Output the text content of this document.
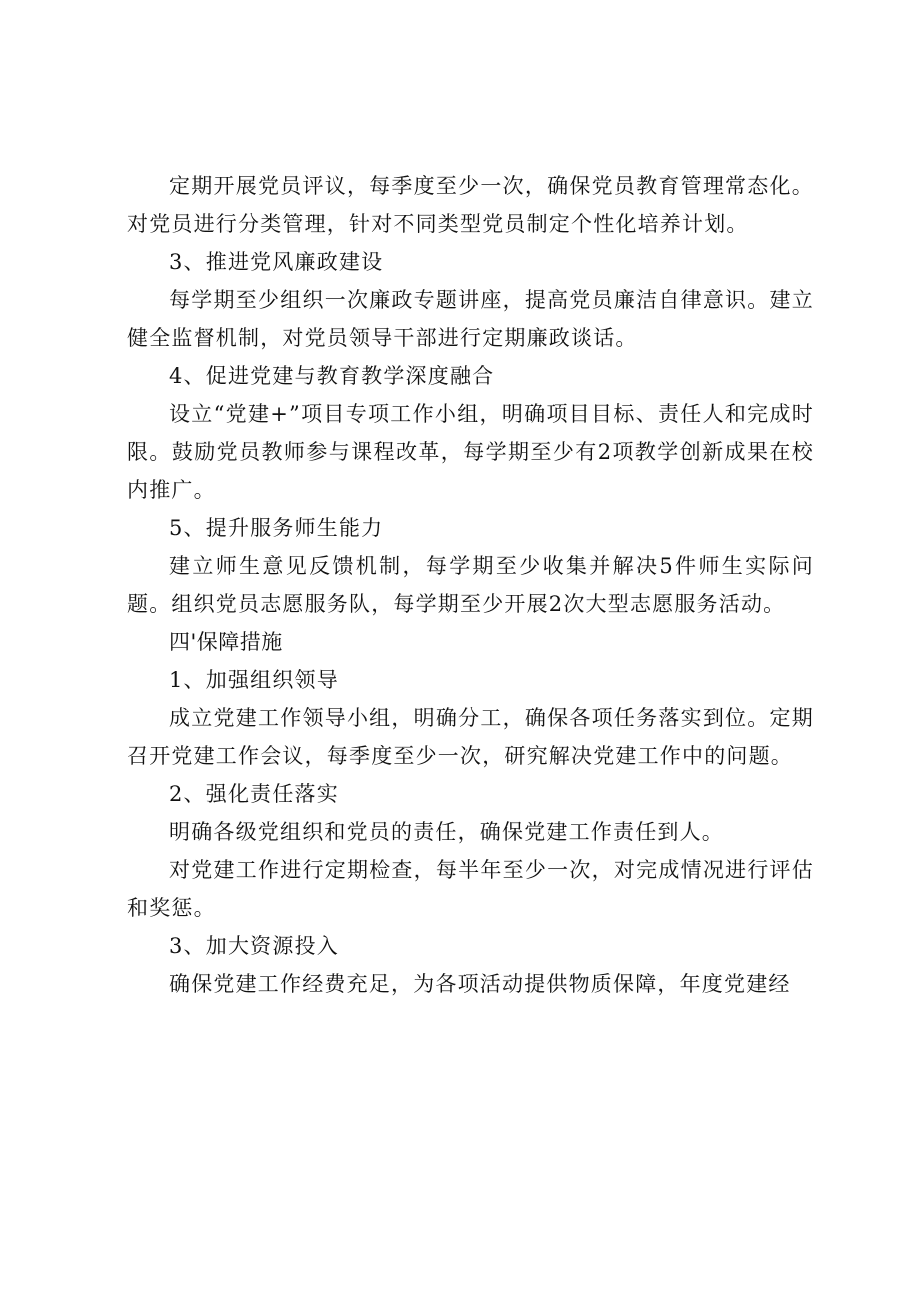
定期开展党员评议，每季度至少一次，确保党员教育管理常态化。对党员进行分类管理，针对不同类型党员制定个性化培养计划。

3、推进党风廉政建设

每学期至少组织一次廉政专题讲座，提高党员廉洁自律意识。建立健全监督机制，对党员领导干部进行定期廉政谈话。

4、促进党建与教育教学深度融合

设立“党建+”项目专项工作小组，明确项目目标、责任人和完成时限。鼓励党员教师参与课程改革，每学期至少有2项教学创新成果在校内推广。

5、提升服务师生能力

建立师生意见反馈机制，每学期至少收集并解决5件师生实际问题。组织党员志愿服务队，每学期至少开展2次大型志愿服务活动。

四'保障措施

1、加强组织领导

成立党建工作领导小组，明确分工，确保各项任务落实到位。定期召开党建工作会议，每季度至少一次，研究解决党建工作中的问题。

2、强化责任落实

明确各级党组织和党员的责任，确保党建工作责任到人。

对党建工作进行定期检查，每半年至少一次，对完成情况进行评估和奖惩。

3、加大资源投入

确保党建工作经费充足，为各项活动提供物质保障，年度党建经
